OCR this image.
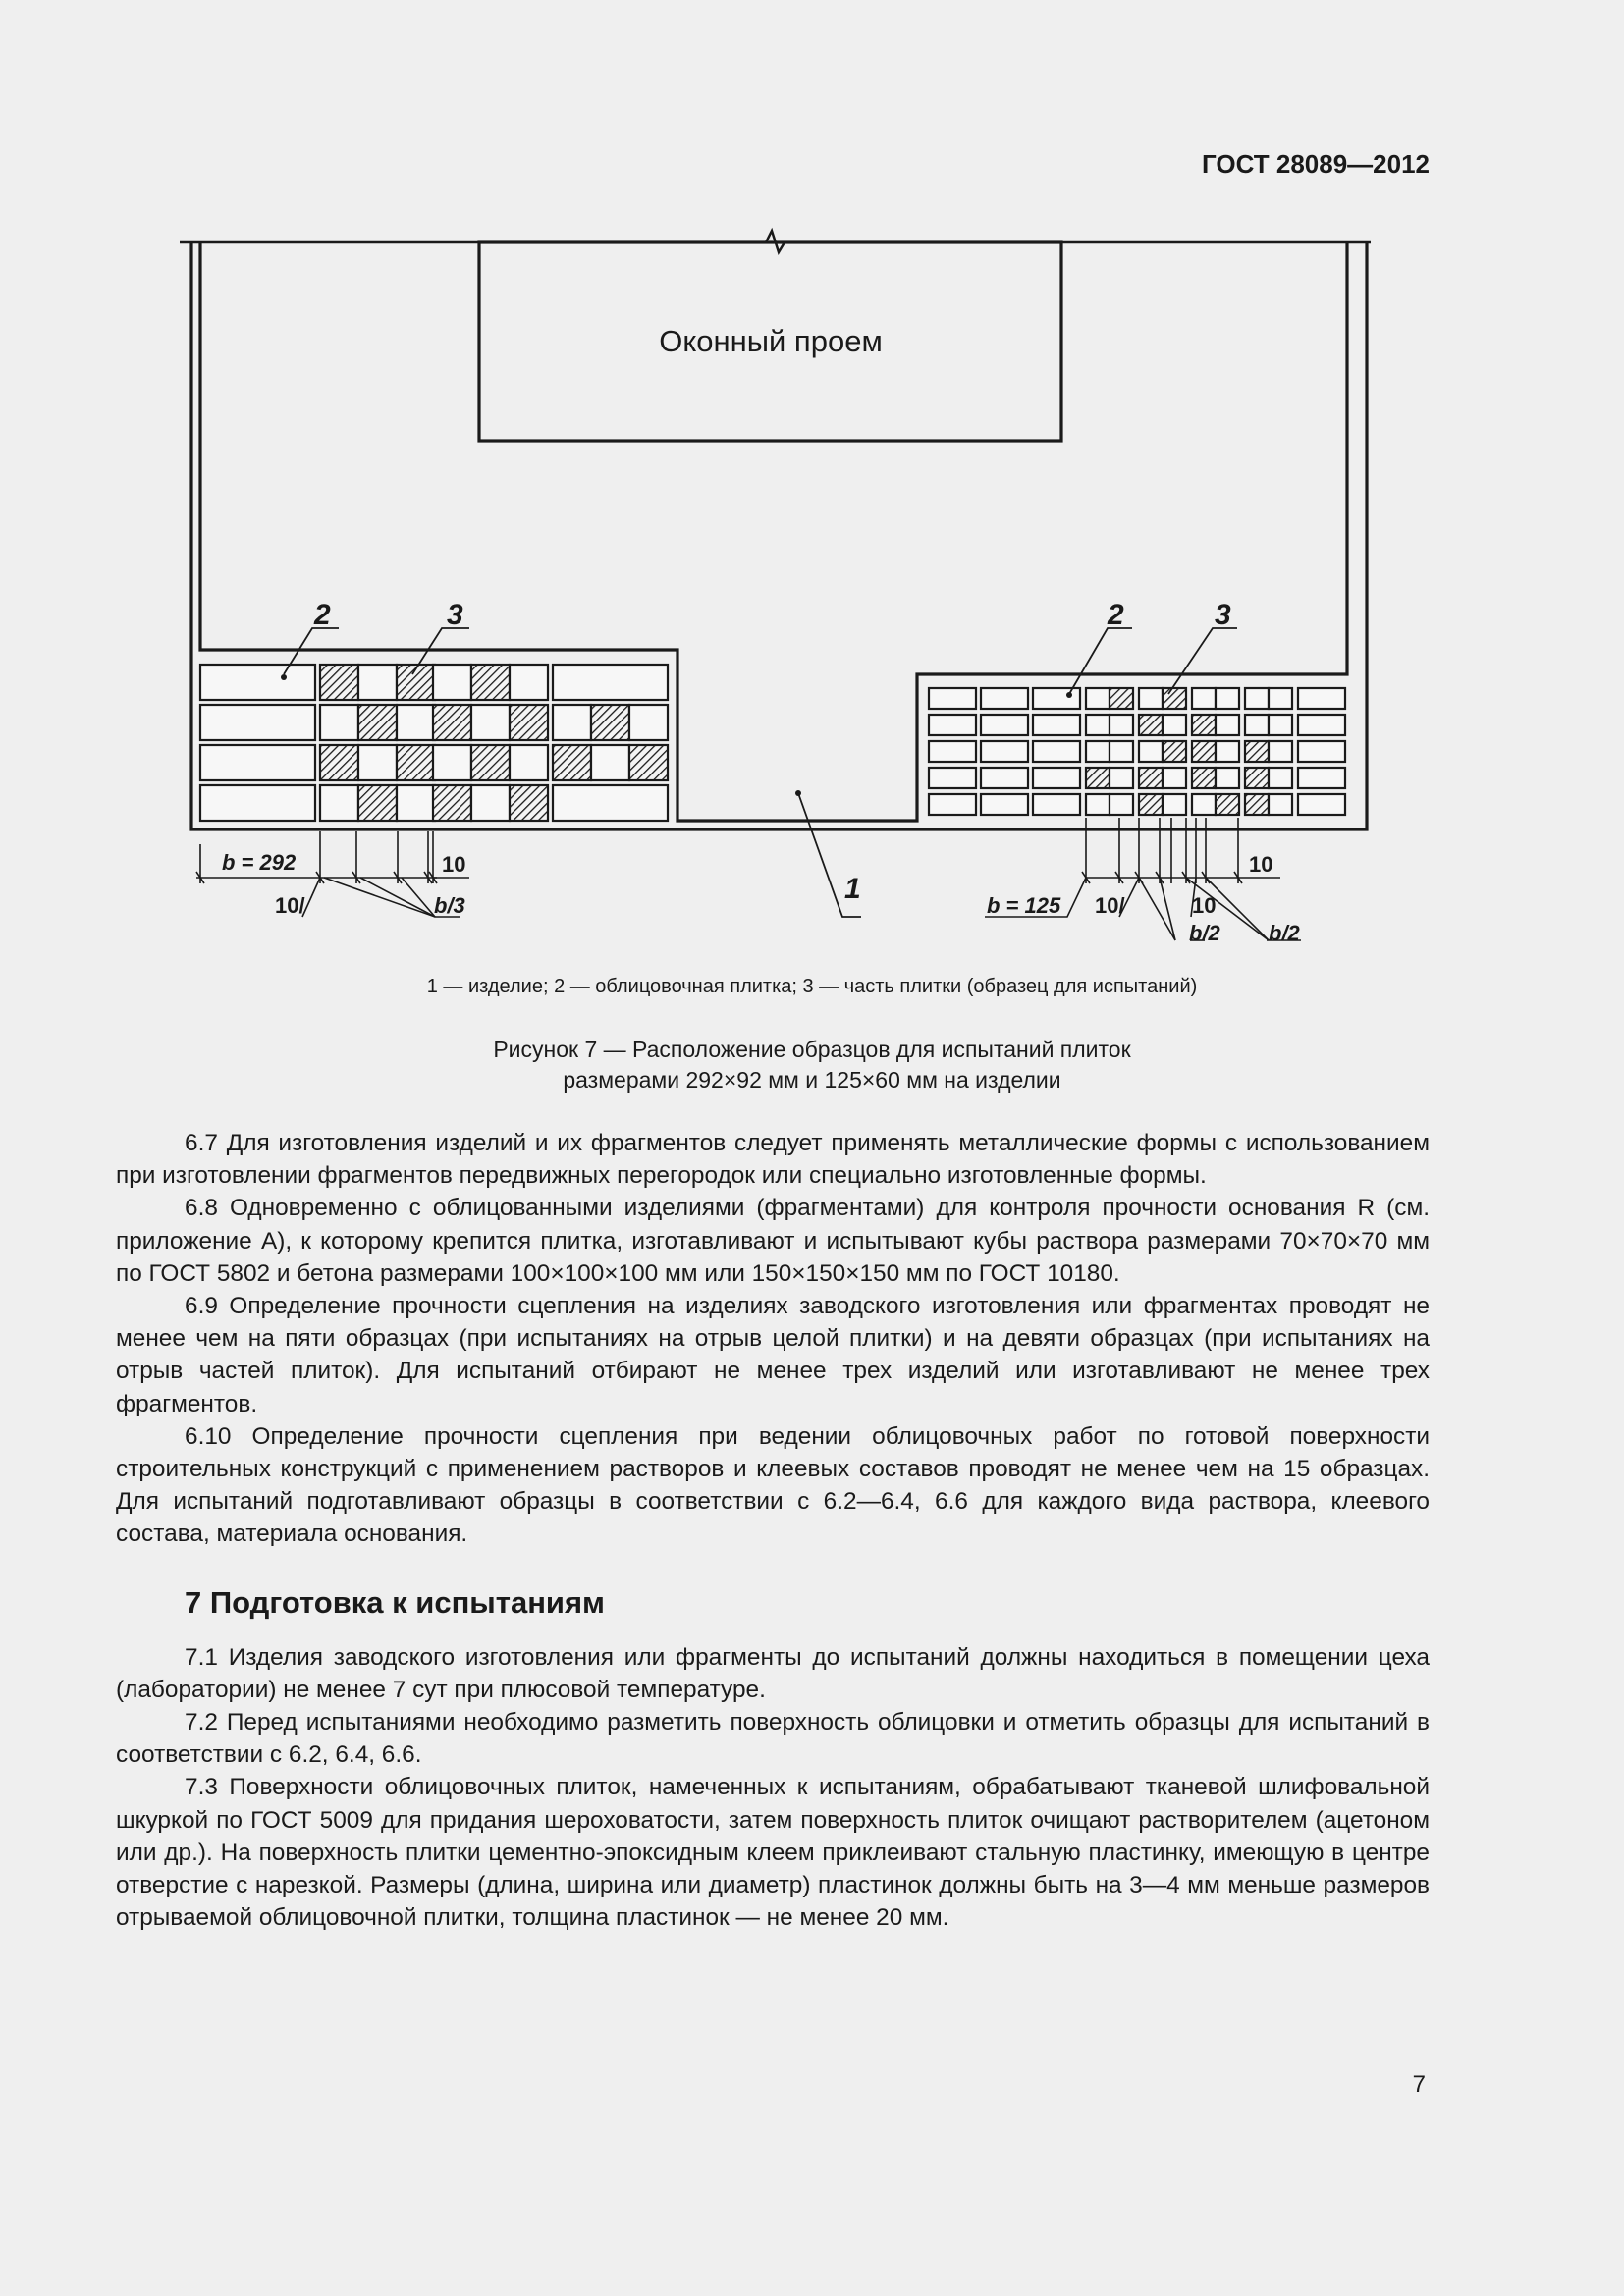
ГОСТ 28089—2012
Оконный проем
2	3	2	3
1
b = 292	10
10/	b/3	b = 125 10/	10
10
b/2 b/2
1 — изделие; 2 — облицовочная плитка; 3 — часть плитки (образец для испытаний)
Рисунок 7 — Расположение образцов для испытаний плиток
размерами 292×92 мм и 125×60 мм на изделии

6.7 Для изготовления изделий и их фрагментов следует применять металлические формы с использованием при изготовлении фрагментов передвижных перегородок или специально изготовленные формы.

6.8 Одновременно с облицованными изделиями (фрагментами) для контроля прочности основания R (см. приложение А), к которому крепится плитка, изготавливают и испытывают кубы раствора размерами 70×70×70 мм по ГОСТ 5802 и бетона размерами 100×100×100 мм или 150×150×150 мм по ГОСТ 10180.

6.9 Определение прочности сцепления на изделиях заводского изготовления или фрагментах проводят не менее чем на пяти образцах (при испытаниях на отрыв целой плитки) и на девяти образцах (при испытаниях на отрыв частей плиток). Для испытаний отбирают не менее трех изделий или изготавливают не менее трех фрагментов.

6.10 Определение прочности сцепления при ведении облицовочных работ по готовой поверхности строительных конструкций с применением растворов и клеевых составов проводят не менее чем на 15 образцах. Для испытаний подготавливают образцы в соответствии с 6.2—6.4, 6.6 для каждого вида раствора, клеевого состава, материала основания.

7 Подготовка к испытаниям

7.1 Изделия заводского изготовления или фрагменты до испытаний должны находиться в помещении цеха (лаборатории) не менее 7 сут при плюсовой температуре.

7.2 Перед испытаниями необходимо разметить поверхность облицовки и отметить образцы для испытаний в соответствии с 6.2, 6.4, 6.6.

7.3 Поверхности облицовочных плиток, намеченных к испытаниям, обрабатывают тканевой шлифовальной шкуркой по ГОСТ 5009 для придания шероховатости, затем поверхность плиток очищают растворителем (ацетоном или др.). На поверхность плитки цементно-эпоксидным клеем приклеивают стальную пластинку, имеющую в центре отверстие с нарезкой. Размеры (длина, ширина или диаметр) пластинок должны быть на 3—4 мм меньше размеров отрываемой облицовочной плитки, толщина пластинок — не менее 20 мм.

7
